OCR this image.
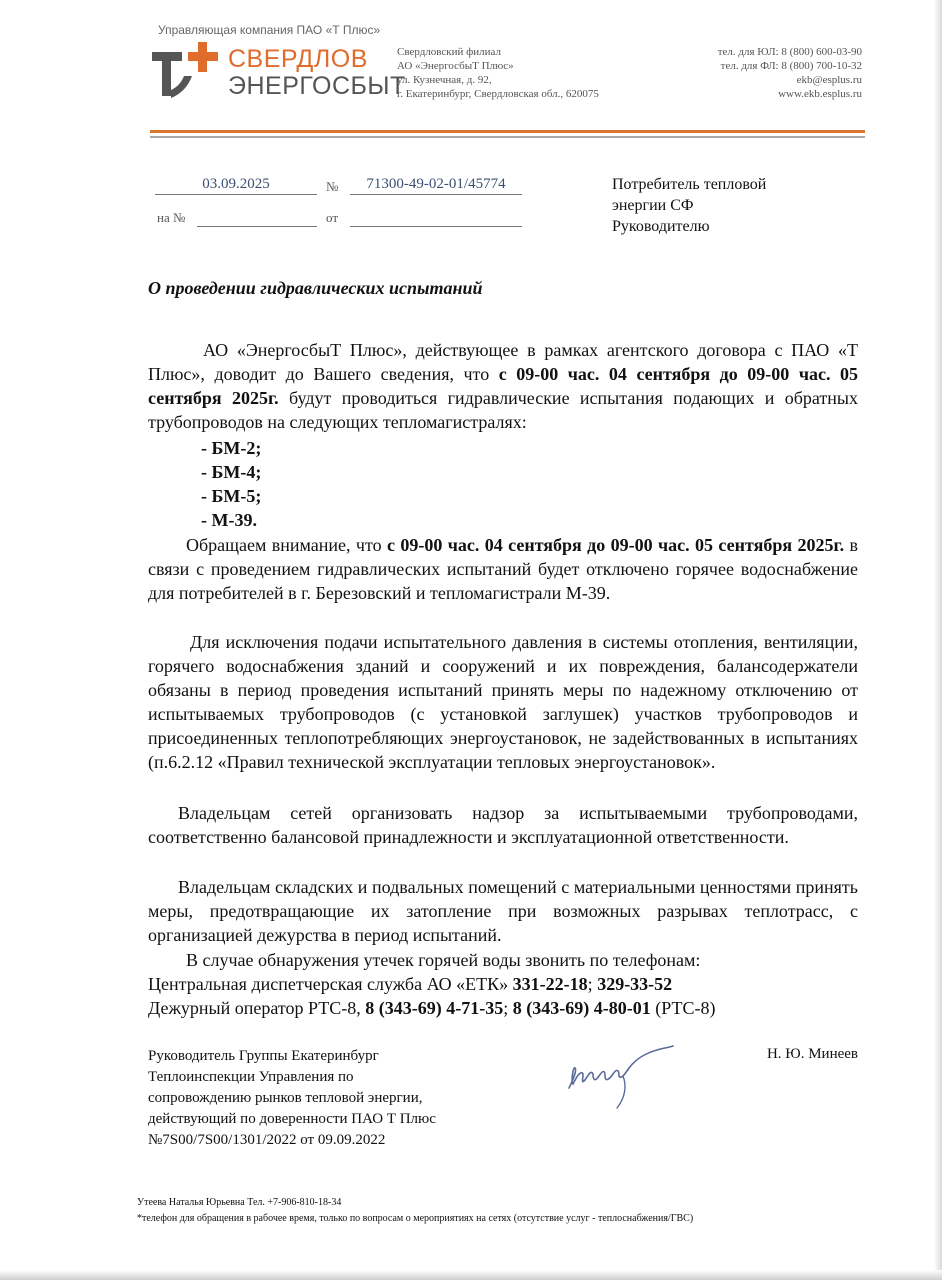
Управляющая компания ПАО «Т Плюс»
СВЕРДЛОВ
ЭНЕРГОСБЫТ
Свердловский филиал
АО «ЭнергосбыТ Плюс»
ул. Кузнечная, д. 92,
г. Екатеринбург, Свердловская обл., 620075
тел. для ЮЛ: 8 (800) 600-03-90
тел. для ФЛ: 8 (800) 700-10-32
ekb@esplus.ru
www.ekb.esplus.ru
03.09.2025	№	71300-49-02-01/45774
на №	от
Потребитель тепловой
энергии СФ
Руководителю
О проведении гидравлических испытаний

АО «ЭнергосбыТ Плюс», действующее в рамках агентского договора с ПАО «Т Плюс», доводит до Вашего сведения, что с 09-00 час. 04 сентября до 09-00 час. 05 сентября 2025г. будут проводиться гидравлические испытания подающих и обратных трубопроводов на следующих тепломагистралях:

- БМ-2;
- БМ-4;
- БМ-5;
- М-39.

Обращаем внимание, что с 09-00 час. 04 сентября до 09-00 час. 05 сентября 2025г. в связи с проведением гидравлических испытаний будет отключено горячее водоснабжение для потребителей в г. Березовский и тепломагистрали М-39.

Для исключения подачи испытательного давления в системы отопления, вентиляции, горячего водоснабжения зданий и сооружений и их повреждения, балансодержатели обязаны в период проведения испытаний принять меры по надежному отключению от испытываемых трубопроводов (с установкой заглушек) участков трубопроводов и присоединенных теплопотребляющих энергоустановок, не задействованных в испытаниях (п.6.2.12 «Правил технической эксплуатации тепловых энергоустановок».

Владельцам сетей организовать надзор за испытываемыми трубопроводами, соответственно балансовой принадлежности и эксплуатационной ответственности.

Владельцам складских и подвальных помещений с материальными ценностями принять меры, предотвращающие их затопление при возможных разрывах теплотрасс, с организацией дежурства в период испытаний.

В случае обнаружения утечек горячей воды звонить по телефонам:
Центральная диспетчерская служба АО «ЕТК» 331-22-18; 329-33-52
Дежурный оператор РТС-8, 8 (343-69) 4-71-35; 8 (343-69) 4-80-01 (РТС-8)
Руководитель Группы Екатеринбург
Теплоинспекции Управления по
сопровождению рынков тепловой энергии,
действующий по доверенности ПАО Т Плюс
№7S00/7S00/1301/2022 от 09.09.2022
Н. Ю. Минеев
Утеева Наталья Юрьевна Тел. +7-906-810-18-34
*телефон для обращения в рабочее время, только по вопросам о мероприятиях на сетях (отсутствие услуг - теплоснабжения/ГВС)
